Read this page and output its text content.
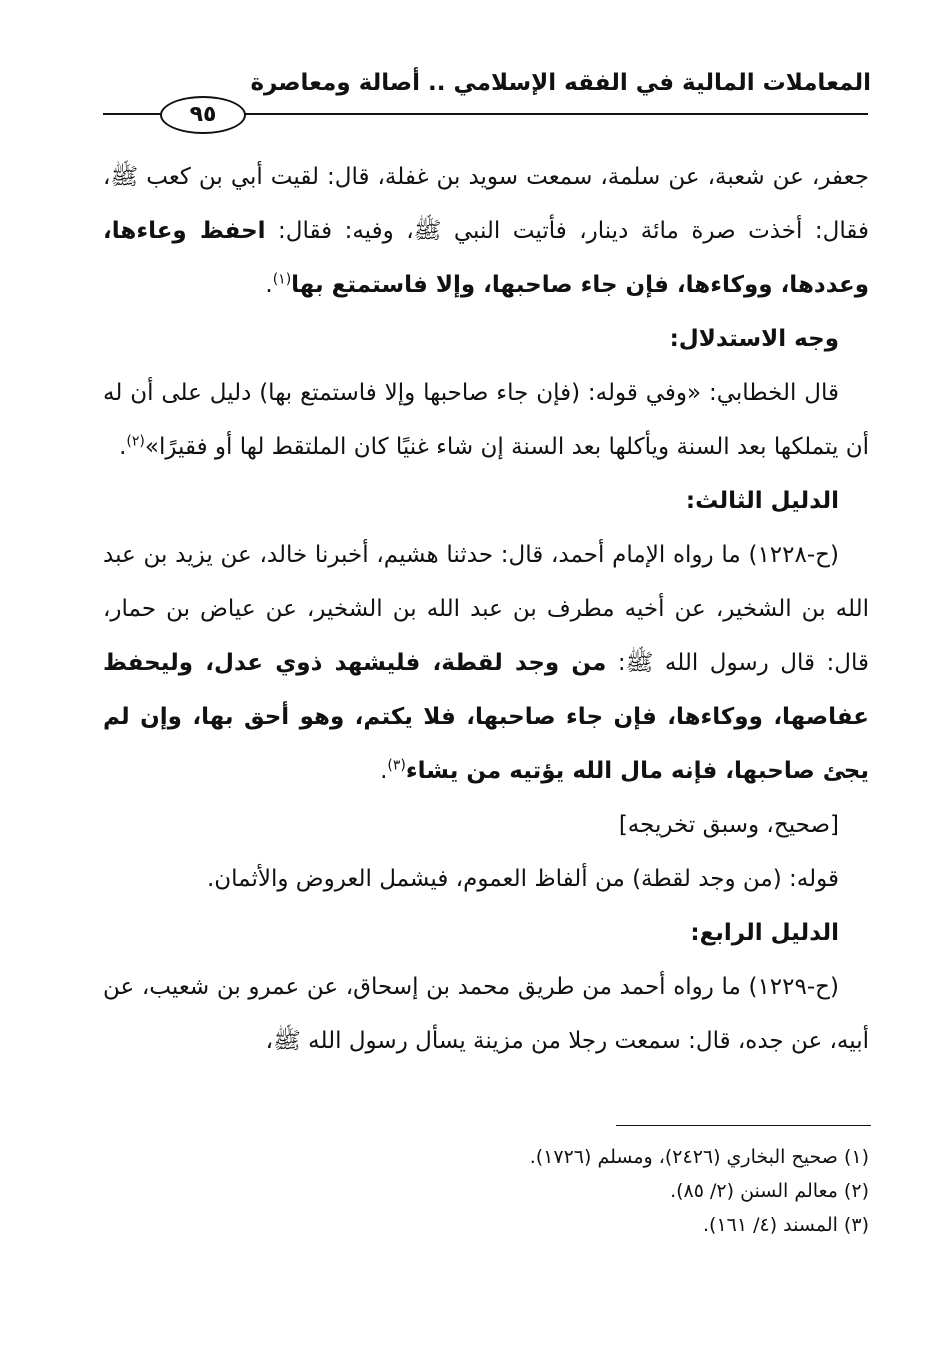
المعاملات المالية في الفقه الإسلامي .. أصالة ومعاصرة
٩٥

جعفر، عن شعبة، عن سلمة، سمعت سويد بن غفلة، قال: لقيت أبي بن كعب ﷺ، فقال: أخذت صرة مائة دينار، فأتيت النبي ﷺ، وفيه: فقال: احفظ وعاءها، وعددها، ووكاءها، فإن جاء صاحبها، وإلا فاستمتع بها$^{(١)}$.

وجه الاستدلال:

قال الخطابي: «وفي قوله: (فإن جاء صاحبها وإلا فاستمتع بها) دليل على أن له أن يتملكها بعد السنة ويأكلها بعد السنة إن شاء غنيًا كان الملتقط لها أو فقيرًا»$^{(٢)}$.

الدليل الثالث:

(ح-١٢٢٨) ما رواه الإمام أحمد، قال: حدثنا هشيم، أخبرنا خالد، عن يزيد بن عبد الله بن الشخير، عن أخيه مطرف بن عبد الله بن الشخير، عن عياض بن حمار، قال: قال رسول الله ﷺ: من وجد لقطة، فليشهد ذوي عدل، وليحفظ عفاصها، ووكاءها، فإن جاء صاحبها، فلا يكتم، وهو أحق بها، وإن لم يجئ صاحبها، فإنه مال الله يؤتيه من يشاء$^{(٣)}$.

[صحيح، وسبق تخريجه]

قوله: (من وجد لقطة) من ألفاظ العموم، فيشمل العروض والأثمان.

الدليل الرابع:

(ح-١٢٢٩) ما رواه أحمد من طريق محمد بن إسحاق، عن عمرو بن شعيب، عن أبيه، عن جده، قال: سمعت رجلا من مزينة يسأل رسول الله ﷺ،

(١) صحيح البخاري (٢٤٢٦)، ومسلم (١٧٢٦).

(٢) معالم السنن (٢/ ٨٥).

(٣) المسند (٤/ ١٦١).
